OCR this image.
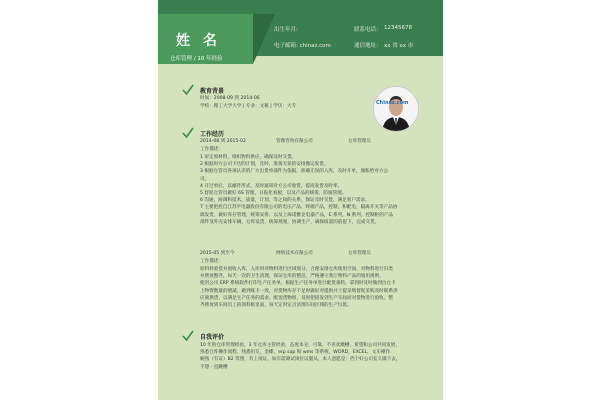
出生年月:	联系电话： 12345678
电子邮箱: chinaz.com	通信地址： xx 省 xx 市
姓 名
仓库管理 / 10 年经验
Chinaz.com
教育背景
时间：2008-09 到 2014-06
学校：理工大学大学 | 专业：文秘 | 学历：大专
工作经历
2014-08 到 2015-02	管理咨询有限公司	仓库管理员
工作描述：
1 审定原材料，组织物料供应，确保及时交货。
2 根据时方公司下达的计划，及时、准备无误的安排搬运发货。
3 根据仓管员各项认识的厂方出货单部件为依据，准确无误的入库，及时开单，做账给对方公
司。
4 开过单后，以邮件形式，及时通知对方公司收货，提高发货及时率。
5 督促仓管员做好 6S 管理，日报化看板，以及产品的统筹，防腐管理。
6 沟通、协调和技术，质量，计划，等之间的关系，保证及时交货，满足客户需求。
7 主要把控自江苏平电器股份有限公司的电压产品、终端产品，控制，和配电，隔离开关等产品协
调发货，做好库存管理，统筹安排，以及上海诺雅克电器产品，E 系列，N 系列，控制柜的产品
部件及外壳安排车辆，仓库发货，统筹规划，协调生产，确保质量的前提下，完成交货。
2015-05 到至今	网络技术有限公司	仓库管理员
工作描述：
原料样验货并验收入库，入库时对物料进行区域划分，合理安排仓库使用空间，对物料进行归类
并摆放整齐，每天一次的卫生清理，保证仓库的整洁，严格遵守我厅物料产品的领用规则。
使用公司 ERP 系统软件打印生产任务单，根据生产任务单进行配货备料，拿到时及时做到出仓卡
上物资数量的增减，做到账卡一致，对货物库存不足时做好对提供并上提采购督促采购及时联系供
应商供货，以满足生产任务的需求，配送货物组，及时把损发到生产车间而对货物进行验收，整
齐摆放到车间员工的领料框里面，每天定时定点清理车间区域的生产垃圾。
自我评价
10 年的仓库管理经验，3 年仓库主管经验，态度本分，可靠，不喜欢跳槽，希望和公司共同发展，
熟悉仓库操作流程，熟悉用友，金蝶，erp sap 和 wms 等系统，WORD，EXCEL，文车操作
娴熟（有证）B2 驾照，有上岗证，如有需调试岗位以服从，本人意愿是：挡个好公司长久做下去，
不想一直跳槽
